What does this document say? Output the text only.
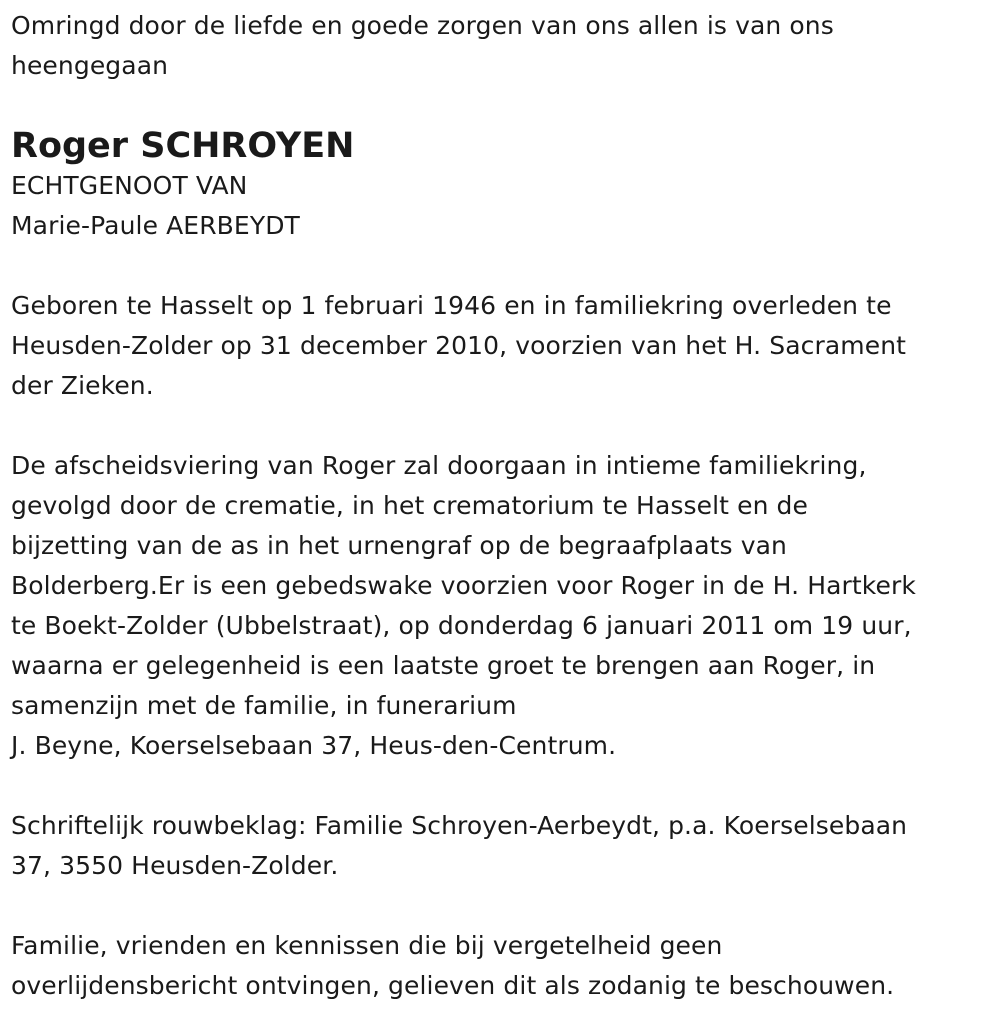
Omringd door de liefde en goede zorgen van ons allen is van ons
heengegaan
Roger SCHROYEN
ECHTGENOOT VAN
Marie-Paule AERBEYDT
Geboren te Hasselt op 1 februari 1946 en in familiekring overleden te
Heusden-Zolder op 31 december 2010, voorzien van het H. Sacrament
der Zieken.
De afscheidsviering van Roger zal doorgaan in intieme familiekring,
gevolgd door de crematie, in het crematorium te Hasselt en de
bijzetting van de as in het urnengraf op de begraafplaats van
Bolderberg.Er is een gebedswake voorzien voor Roger in de H. Hartkerk
te Boekt-Zolder (Ubbelstraat), op donderdag 6 januari 2011 om 19 uur,
waarna er gelegenheid is een laatste groet te brengen aan Roger, in
samenzijn met de familie, in funerarium
J. Beyne, Koerselsebaan 37, Heus-den-Centrum.
Schriftelijk rouwbeklag: Familie Schroyen-Aerbeydt, p.a. Koerselsebaan
37, 3550 Heusden-Zolder.
Familie, vrienden en kennissen die bij vergetelheid geen
overlijdensbericht ontvingen, gelieven dit als zodanig te beschouwen.
